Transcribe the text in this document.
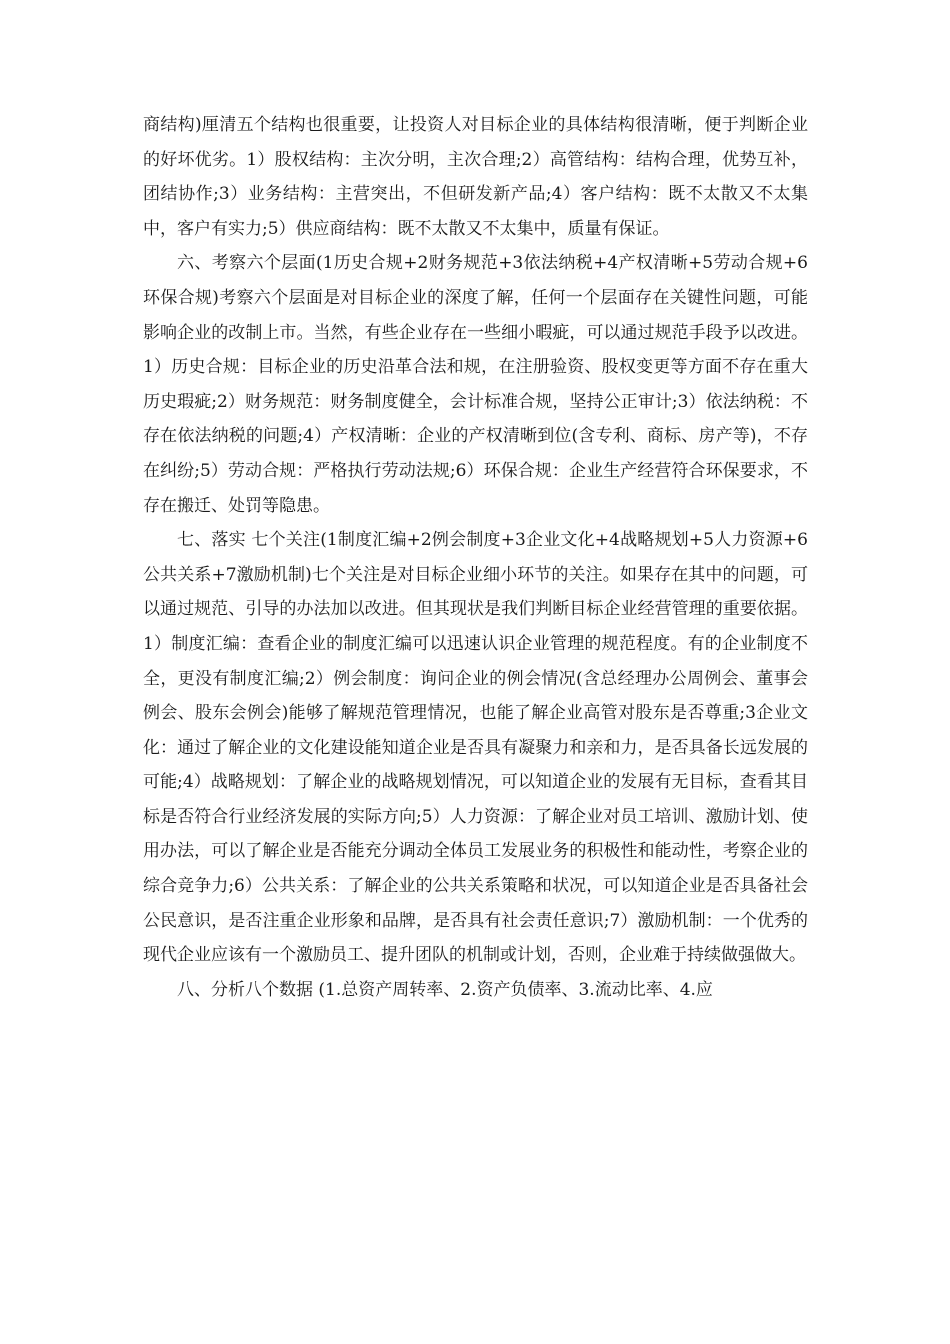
商结构)厘清五个结构也很重要，让投资人对目标企业的具体结构很清晰，便于判断企业的好坏优劣。1）股权结构：主次分明，主次合理;2）高管结构：结构合理，优势互补，团结协作;3）业务结构：主营突出，不但研发新产品;4）客户结构：既不太散又不太集中，客户有实力;5）供应商结构：既不太散又不太集中，质量有保证。

六、考察六个层面(1历史合规+2财务规范+3依法纳税+4产权清晰+5劳动合规+6环保合规)考察六个层面是对目标企业的深度了解，任何一个层面存在关键性问题，可能影响企业的改制上市。当然，有些企业存在一些细小暇疵，可以通过规范手段予以改进。1）历史合规：目标企业的历史沿革合法和规，在注册验资、股权变更等方面不存在重大历史瑕疵;2）财务规范：财务制度健全，会计标准合规，坚持公正审计;3）依法纳税：不存在依法纳税的问题;4）产权清晰：企业的产权清晰到位(含专利、商标、房产等)，不存在纠纷;5）劳动合规：严格执行劳动法规;6）环保合规：企业生产经营符合环保要求，不存在搬迁、处罚等隐患。

七、落实 七个关注(1制度汇编+2例会制度+3企业文化+4战略规划+5人力资源+6公共关系+7激励机制)七个关注是对目标企业细小环节的关注。如果存在其中的问题，可以通过规范、引导的办法加以改进。但其现状是我们判断目标企业经营管理的重要依据。1）制度汇编：查看企业的制度汇编可以迅速认识企业管理的规范程度。有的企业制度不全，更没有制度汇编;2）例会制度：询问企业的例会情况(含总经理办公周例会、董事会例会、股东会例会)能够了解规范管理情况，也能了解企业高管对股东是否尊重;3企业文化：通过了解企业的文化建设能知道企业是否具有凝聚力和亲和力，是否具备长远发展的可能;4）战略规划：了解企业的战略规划情况，可以知道企业的发展有无目标，查看其目标是否符合行业经济发展的实际方向;5）人力资源：了解企业对员工培训、激励计划、使用办法，可以了解企业是否能充分调动全体员工发展业务的积极性和能动性，考察企业的综合竞争力;6）公共关系：了解企业的公共关系策略和状况，可以知道企业是否具备社会公民意识，是否注重企业形象和品牌，是否具有社会责任意识;7）激励机制：一个优秀的现代企业应该有一个激励员工、提升团队的机制或计划，否则，企业难于持续做强做大。

八、分析八个数据 (1.总资产周转率、2.资产负债率、3.流动比率、4.应
